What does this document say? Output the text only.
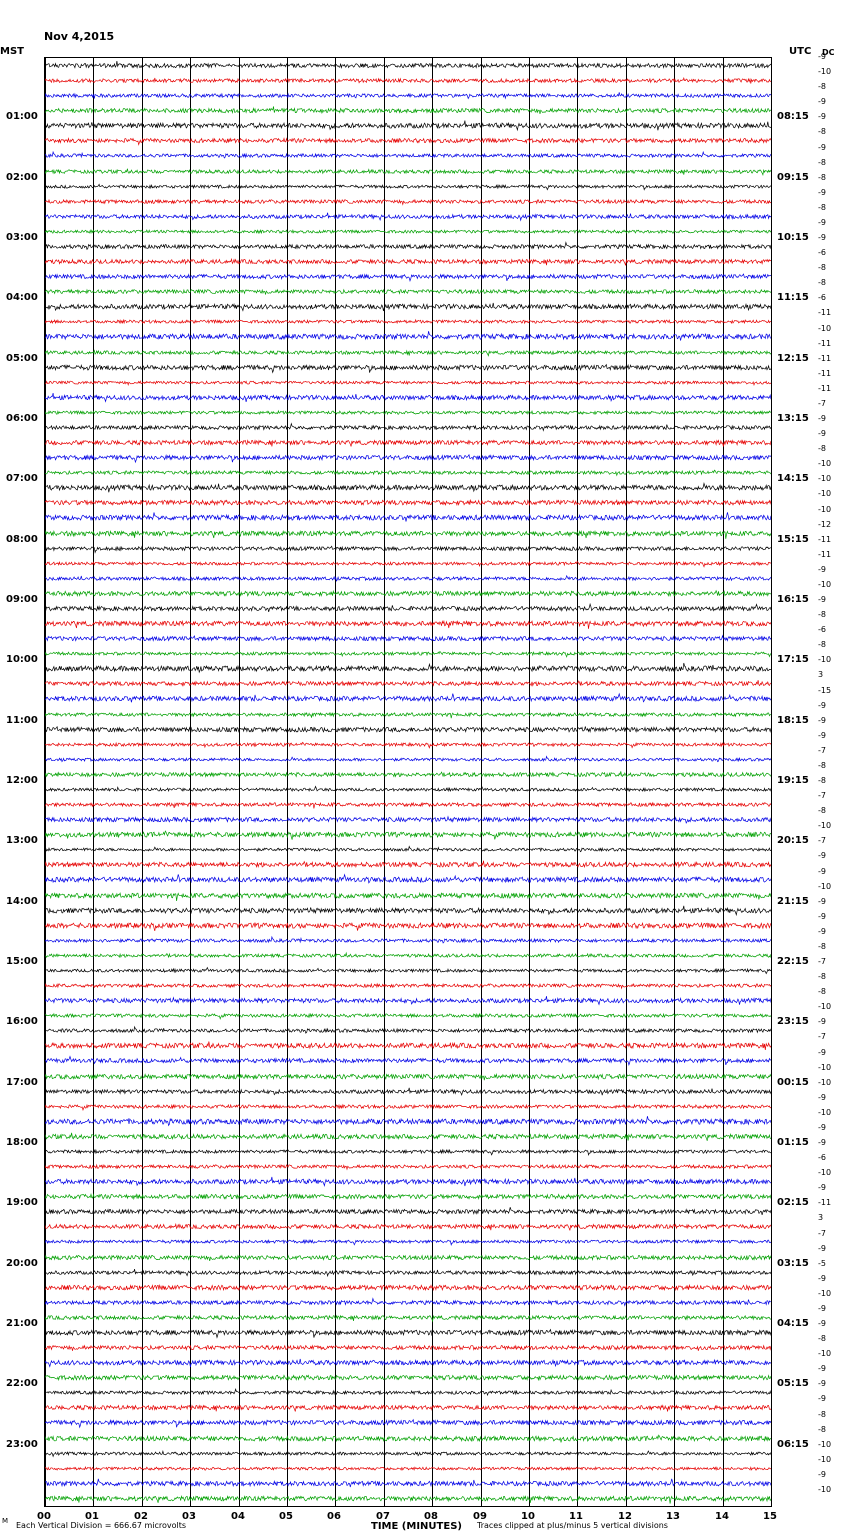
Nov 4,2015

MST	UTC DC
TIME (MINUTES)
Each Vertical Division = 666.67 microvolts	Traces clipped at plus/minus 5 vertical divisions
M
01:00	08:15
02:00	09:15
03:00	10:15
04:00	11:15
05:00	12:15
06:00	13:15
07:00	14:15
08:00	15:15
09:00	16:15
10:00	17:15
11:00	18:15
12:00	19:15
13:00	20:15
14:00	21:15
15:00	22:15
16:00	23:15
17:00	00:15
18:00	01:15
19:00	02:15
20:00	03:15
21:00	04:15
22:00	05:15
23:00	06:15
-9
-10
-8
-9
-9
-8
-9
-8
-8
-9
-8
-9
-9
-6
-8
-8
-6
-11
-10
-11
-11
-11
-11
-7
-9
-9
-8
-10
-10
-10
-10
-12
-11
-11
-9
-10
-9
-8
-6
-8
-10
3
-15
-9
-9
-9
-7
-8
-8
-7
-8
-10
-7
-9
-9
-10
-9
-9
-9
-8
-7
-8
-8
-10
-9
-7
-9
-10
-10
-9
-10
-9
-9
-6
-10
-9
-11
3
-7
-9
-5
-9
-10
-9
-9
-8
-10
-9
-9
-9
-8
-8
-10
-10
-9
-10
00	01	02	03	04	05	06	07	08	09	10	11	12	13	14	15
